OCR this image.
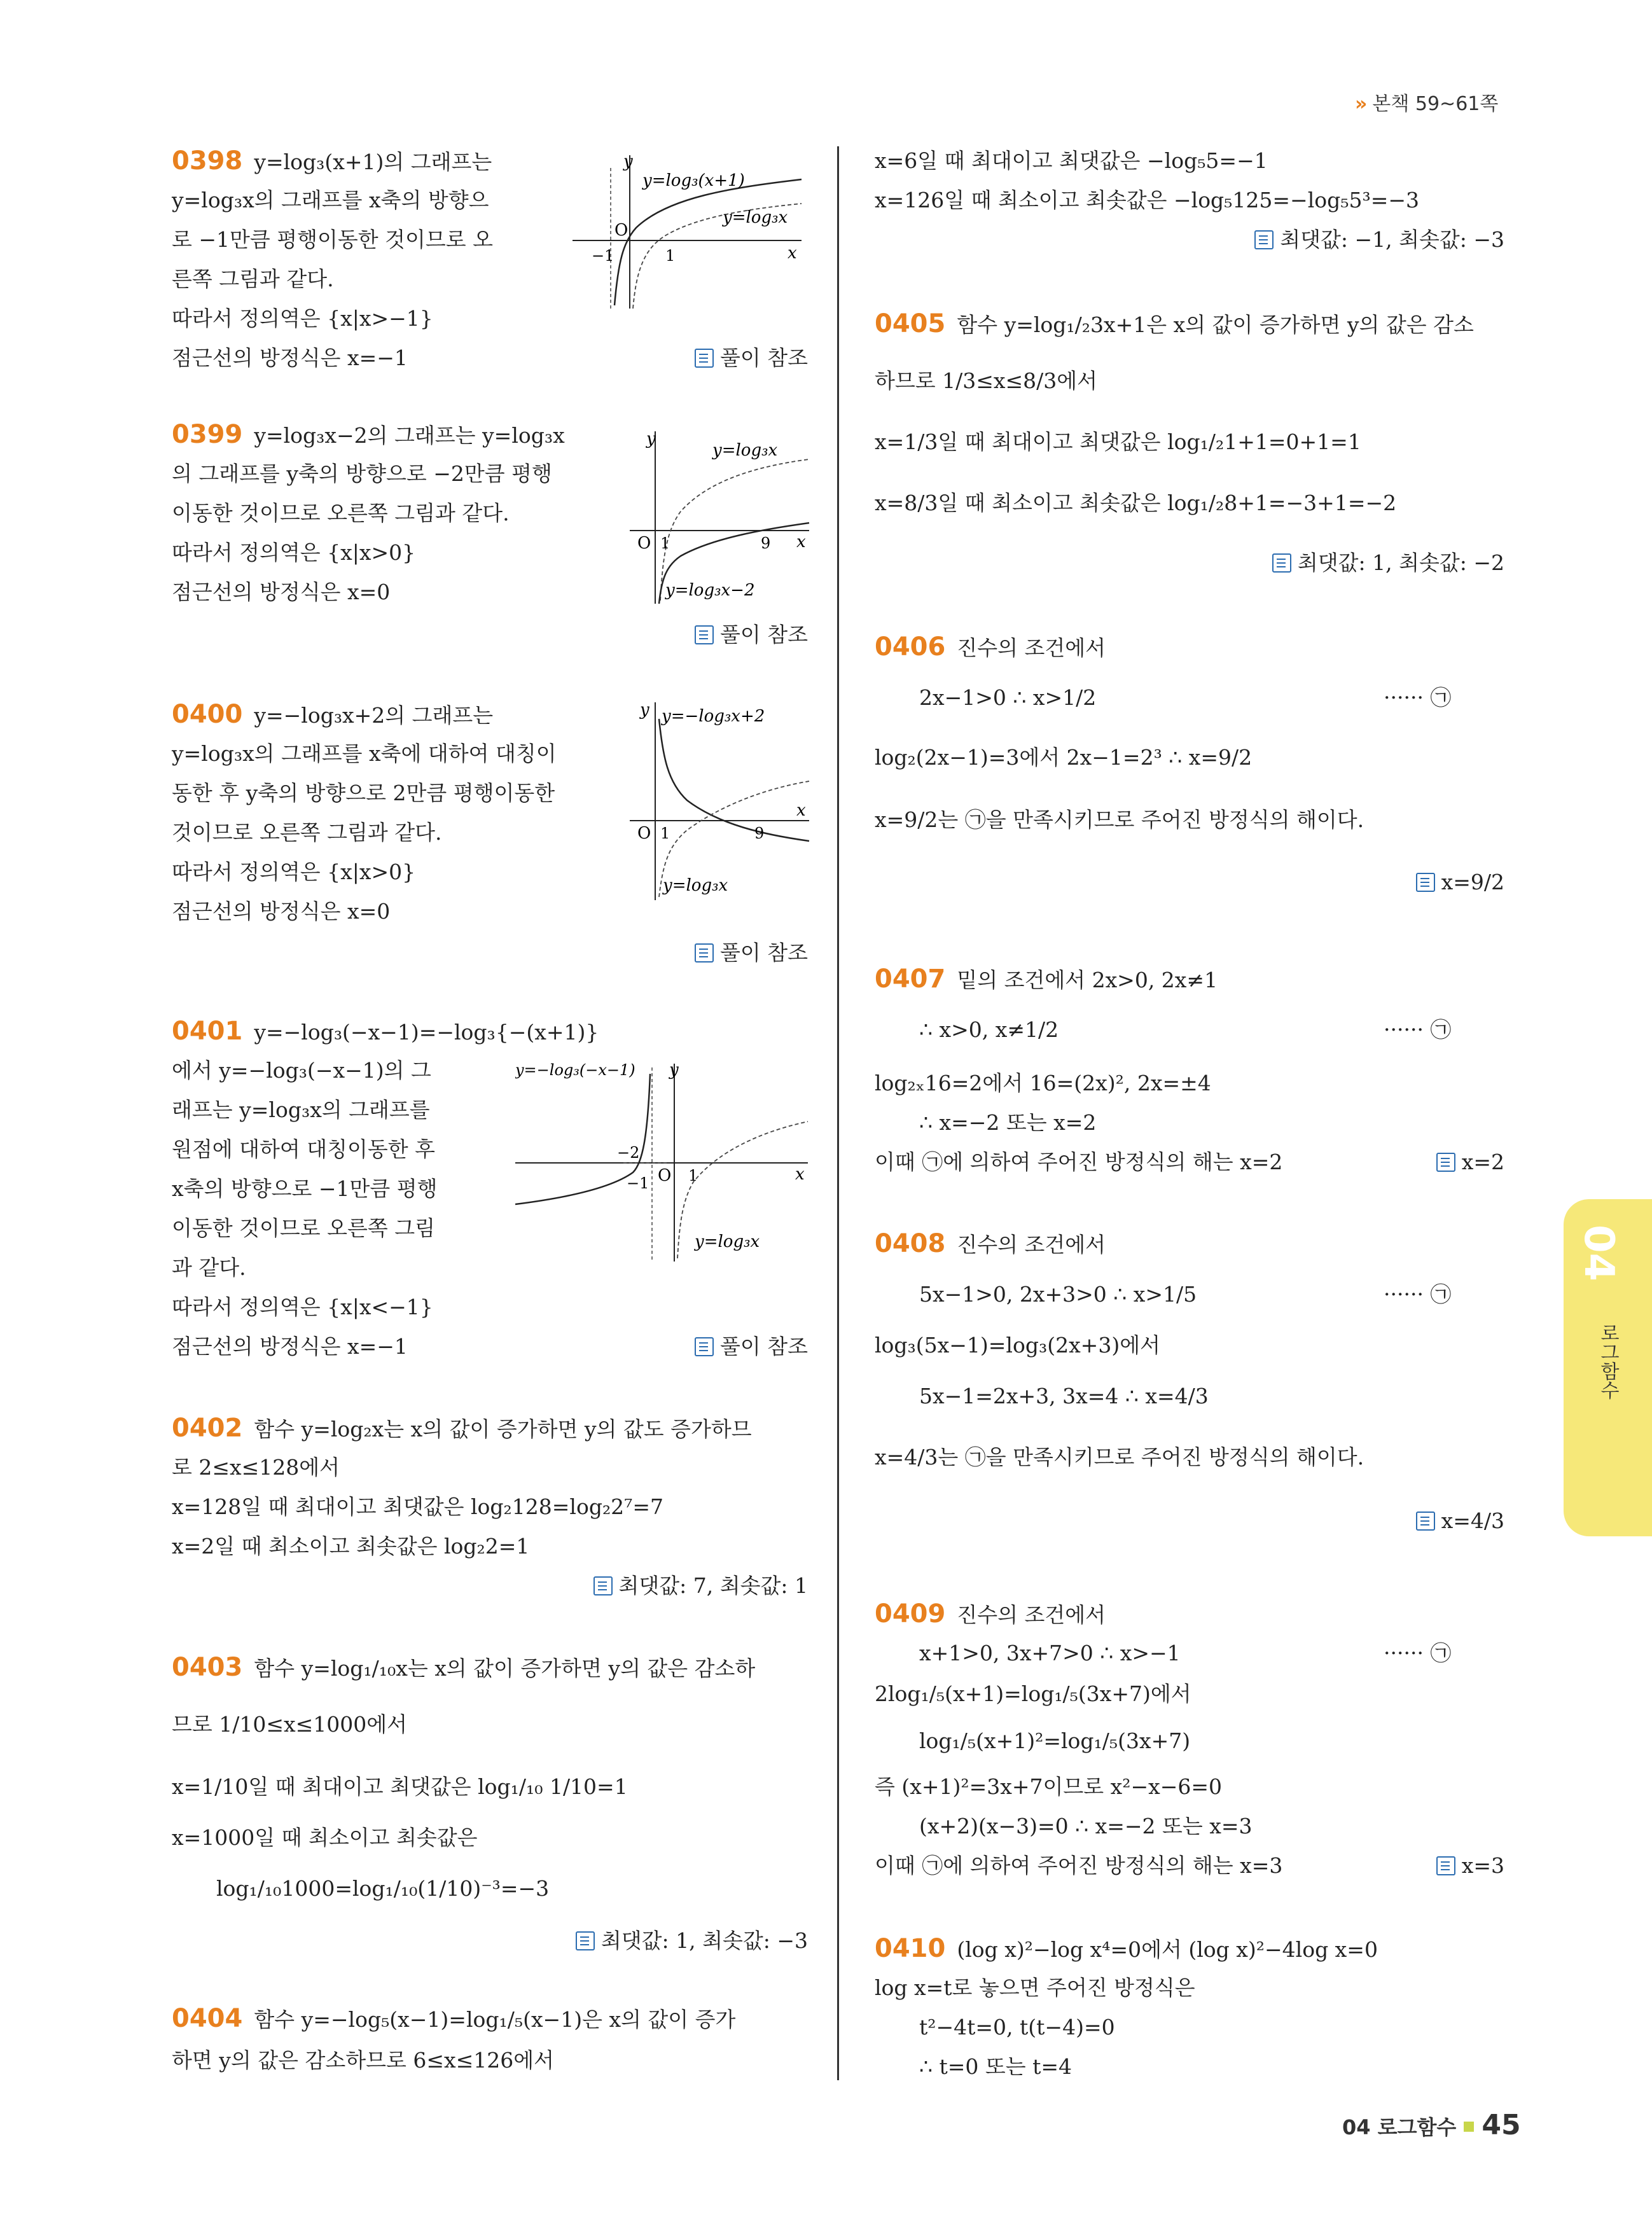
» 본책 59~61쪽
0398 y=log₃(x+1)의 그래프는
y=log₃x의 그래프를 x축의 방향으
로 −1만큼 평행이동한 것이므로 오
른쪽 그림과 같다.
따라서 정의역은 {x|x>−1}
점근선의 방정식은 x=−1	풀이 참조
y
x
O
−1	1
y=log₃(x+1)
y=log₃x
0399 y=log₃x−2의 그래프는 y=log₃x
의 그래프를 y축의 방향으로 −2만큼 평행
이동한 것이므로 오른쪽 그림과 같다.
따라서 정의역은 {x|x>0}
점근선의 방정식은 x=0
풀이 참조
y
x
O 1	9
y=log₃x
y=log₃x−2
0400 y=−log₃x+2의 그래프는
y=log₃x의 그래프를 x축에 대하여 대칭이
동한 후 y축의 방향으로 2만큼 평행이동한
것이므로 오른쪽 그림과 같다.
따라서 정의역은 {x|x>0}
점근선의 방정식은 x=0
풀이 참조
y
x
O 1	9
y=−log₃x+2
y=log₃x
0401 y=−log₃(−x−1)=−log₃{−(x+1)}
에서 y=−log₃(−x−1)의 그
래프는 y=log₃x의 그래프를
원점에 대하여 대칭이동한 후
x축의 방향으로 −1만큼 평행
이동한 것이므로 오른쪽 그림
과 같다.
따라서 정의역은 {x|x<−1}
점근선의 방정식은 x=−1	풀이 참조
y
x
O
−2
−1	1
y=−log₃(−x−1)
y=log₃x
0402 함수 y=log₂x는 x의 값이 증가하면 y의 값도 증가하므
로 2≤x≤128에서
x=128일 때 최대이고 최댓값은 log₂128=log₂2⁷=7
x=2일 때 최소이고 최솟값은 log₂2=1
최댓값: 7, 최솟값: 1
0403 함수 y=log₁/₁₀x는 x의 값이 증가하면 y의 값은 감소하
므로 1/10≤x≤1000에서
x=1/10일 때 최대이고 최댓값은 log₁/₁₀ 1/10=1
x=1000일 때 최소이고 최솟값은
log₁/₁₀1000=log₁/₁₀(1/10)⁻³=−3
최댓값: 1, 최솟값: −3
0404 함수 y=−log₅(x−1)=log₁/₅(x−1)은 x의 값이 증가
하면 y의 값은 감소하므로 6≤x≤126에서
x=6일 때 최대이고 최댓값은 −log₅5=−1
x=126일 때 최소이고 최솟값은 −log₅125=−log₅5³=−3
최댓값: −1, 최솟값: −3
0405 함수 y=log₁/₂3x+1은 x의 값이 증가하면 y의 값은 감소
하므로 1/3≤x≤8/3에서
x=1/3일 때 최대이고 최댓값은 log₁/₂1+1=0+1=1
x=8/3일 때 최소이고 최솟값은 log₁/₂8+1=−3+1=−2
최댓값: 1, 최솟값: −2
0406 진수의 조건에서
2x−1>0 ∴ x>1/2	······ ㉠
log₂(2x−1)=3에서 2x−1=2³ ∴ x=9/2
x=9/2는 ㉠을 만족시키므로 주어진 방정식의 해이다.
x=9/2
0407 밑의 조건에서 2x>0, 2x≠1
∴ x>0, x≠1/2	······ ㉠
log₂ₓ16=2에서 16=(2x)², 2x=±4
∴ x=−2 또는 x=2
이때 ㉠에 의하여 주어진 방정식의 해는 x=2	x=2
0408 진수의 조건에서
5x−1>0, 2x+3>0 ∴ x>1/5	······ ㉠
log₃(5x−1)=log₃(2x+3)에서
5x−1=2x+3, 3x=4 ∴ x=4/3
x=4/3는 ㉠을 만족시키므로 주어진 방정식의 해이다.
x=4/3
0409 진수의 조건에서
x+1>0, 3x+7>0 ∴ x>−1	······ ㉠
2log₁/₅(x+1)=log₁/₅(3x+7)에서
log₁/₅(x+1)²=log₁/₅(3x+7)
즉 (x+1)²=3x+7이므로 x²−x−6=0
(x+2)(x−3)=0 ∴ x=−2 또는 x=3
이때 ㉠에 의하여 주어진 방정식의 해는 x=3	x=3
0410 (log x)²−log x⁴=0에서 (log x)²−4log x=0
log x=t로 놓으면 주어진 방정식은
t²−4t=0, t(t−4)=0
∴ t=0 또는 t=4
04
로그함수
04 로그함수 45
